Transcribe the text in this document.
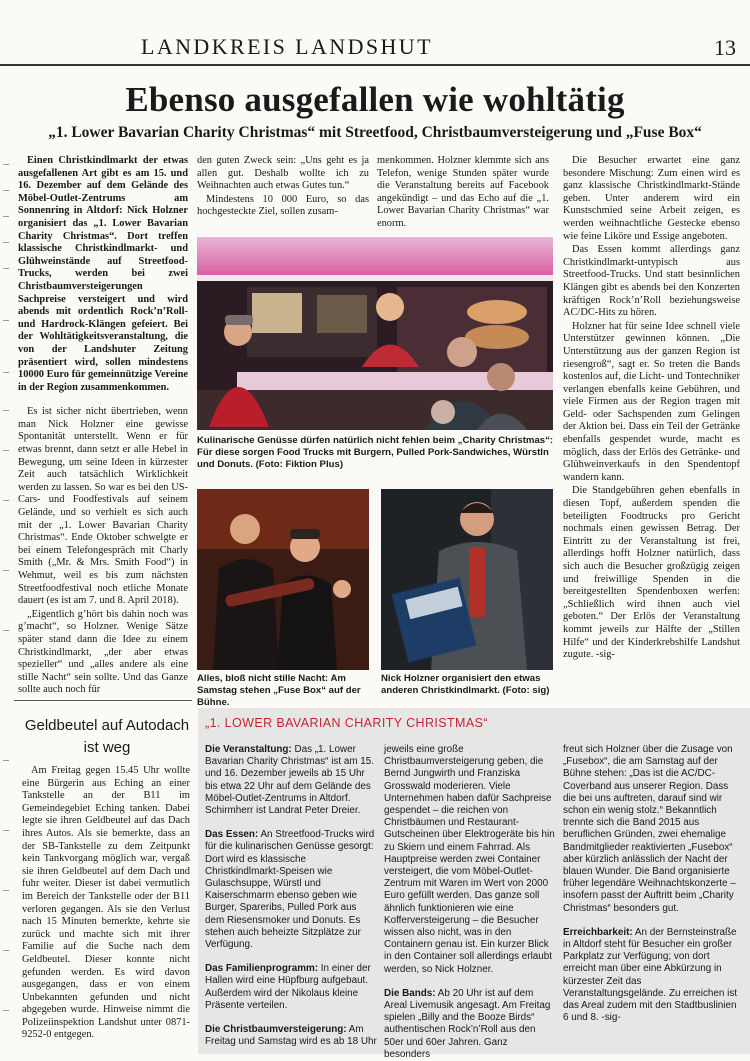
LANDKREIS LANDSHUT	13
Ebenso ausgefallen wie wohltätig
„1. Lower Bavarian Charity Christmas“ mit Streetfood, Christbaumversteigerung und „Fuse Box“

Einen Christkindlmarkt der etwas ausgefallenen Art gibt es am 15. und 16. Dezember auf dem Gelände des Möbel-Outlet-Zentrums am Sonnenring in Altdorf: Nick Holzner organisiert das „1. Lower Bavarian Charity Christmas“. Dort treffen klassische Christkindlmarkt- und Glühweinstände auf Streetfood-Trucks, werden bei zwei Christbaumversteigerungen Sachpreise versteigert und wird abends mit ordentlich Rock’n’Roll- und Hardrock-Klängen gefeiert. Bei der Wohltätigkeitsveranstaltung, die von der Landshuter Zeitung präsentiert wird, sollen mindestens 10000 Euro für gemeinnützige Vereine in der Region zusammenkommen.

Es ist sicher nicht übertrieben, wenn man Nick Holzner eine gewisse Spontanität unterstellt. Wenn er für etwas brennt, dann setzt er alle Hebel in Bewegung, um seine Ideen in kürzester Zeit auch tatsächlich Wirklichkeit werden zu lassen. So war es bei den US-Cars- und Foodfestivals auf seinem Gelände, und so verhielt es sich auch mit der „1. Lower Bavarian Charity Christmas“. Ende Oktober schwelgte er bei einem Telefongespräch mit Charly Smith („Mr. & Mrs. Smith Food“) in Wehmut, weil es bis zum nächsten Streetfoodfestival noch etliche Monate dauert (es ist am 7. und 8. April 2018).

„Eigentlich g’hört bis dahin noch was g’macht“, so Holzner. Wenige Sätze später stand dann die Idee zu einem Christkindlmarkt, „der aber etwas spezieller“ und „alles andere als eine stille Nacht“ sein sollte. Und das Ganze sollte auch noch für

den guten Zweck sein: „Uns geht es ja allen gut. Deshalb wollte ich zu Weihnachten auch etwas Gutes tun.“

Mindestens 10 000 Euro, so das hochgesteckte Ziel, sollen zusam-

menkommen. Holzner klemmte sich ans Telefon, wenige Stunden später wurde die Veranstaltung bereits auf Facebook angekündigt – und das Echo auf die „1. Lower Bavarian Charity Christmas“ war enorm.

Die Besucher erwartet eine ganz besondere Mischung: Zum einen wird es ganz klassische Christkindlmarkt-Stände geben. Unter anderem wird ein Kunstschmied seine Arbeit zeigen, es werden weihnachtliche Gestecke ebenso wie feine Liköre und Essige angeboten.

Das Essen kommt allerdings ganz Christkindlmarkt-untypisch aus Streetfood-Trucks. Und statt besinnlichen Klängen gibt es abends bei den Konzerten kräftigen Rock’n’Roll beziehungsweise AC/DC-Hits zu hören.

Holzner hat für seine Idee schnell viele Unterstützer gewinnen können. „Die Unterstützung aus der ganzen Region ist riesengroß“, sagt er. So treten die Bands kostenlos auf, die Licht- und Tontechniker verlangen ebenfalls keine Gebühren, und viele Firmen aus der Region tragen mit Geld- oder Sachspenden zum Gelingen der Aktion bei. Dass ein Teil der Getränke ebenfalls gespendet wurde, macht es möglich, dass der Erlös des Getränke- und Glühweinverkaufs in den Spendentopf wandern kann.

Die Standgebühren gehen ebenfalls in diesen Topf, außerdem spenden die beteiligten Foodtrucks pro Gericht nochmals einen gewissen Betrag. Der Eintritt zu der Veranstaltung ist frei, allerdings hofft Holzner natürlich, dass sich auch die Besucher großzügig zeigen und freiwillige Spenden in die bereitgestellten Spendenboxen werfen: „Schließlich wird ihnen auch viel geboten.“ Der Erlös der Veranstaltung kommt jeweils zur Hälfte der „Stillen Hilfe“ und der Kinderkrebshilfe Landshut zugute. -sig-

Kulinarische Genüsse dürfen natürlich nicht fehlen beim „Charity Christmas“: Für diese sorgen Food Trucks mit Burgern, Pulled Pork-Sandwiches, Würstln und Donuts. (Foto: Fiktion Plus)
Alles, bloß nicht stille Nacht: Am Samstag stehen „Fuse Box“ auf der Bühne.
Nick Holzner organisiert den etwas anderen Christkindlmarkt. (Foto: sig)
Geldbeutel auf Autodach ist weg

Am Freitag gegen 15.45 Uhr wollte eine Bürgerin aus Eching an einer Tankstelle an der B11 im Gemeindegebiet Eching tanken. Dabei legte sie ihren Geldbeutel auf das Dach ihres Autos. Als sie bemerkte, dass an der SB-Tankstelle zu dem Zeitpunkt kein Tankvorgang möglich war, vergaß sie ihren Geldbeutel auf dem Dach und fuhr weiter. Dieser ist dabei vermutlich im Bereich der Tankstelle oder der B11 verloren gegangen. Als sie den Verlust nach 15 Minuten bemerkte, kehrte sie zurück und machte sich mit ihrer Familie auf die Suche nach dem Geldbeutel. Dieser konnte nicht gefunden werden. Es wird davon ausgegangen, dass er von einem Unbekannten gefunden und nicht abgegeben wurde. Hinweise nimmt die Polizeiinspektion Landshut unter 0871-9252-0 entgegen.

„1. LOWER BAVARIAN CHARITY CHRISTMAS“

Die Veranstaltung: Das „1. Lower Bavarian Charity Christmas“ ist am 15. und 16. Dezember jeweils ab 15 Uhr bis etwa 22 Uhr auf dem Gelände des Möbel-Outlet-Zentrums in Altdorf. Schirmherr ist Landrat Peter Dreier.

Das Essen: An Streetfood-Trucks wird für die kulinarischen Genüsse gesorgt: Dort wird es klassische Christkindlmarkt-Speisen wie Gulaschsuppe, Würstl und Kaiserschmarrn ebenso geben wie Burger, Spareribs, Pulled Pork aus dem Riesensmoker und Donuts. Es stehen auch beheizte Sitzplätze zur Verfügung.

Das Familienprogramm: In einer der Hallen wird eine Hüpfburg aufgebaut. Außerdem wird der Nikolaus kleine Präsente verteilen.

Die Christbaumversteigerung: Am Freitag und Samstag wird es ab 18 Uhr

jeweils eine große Christbaumversteigerung geben, die Bernd Jungwirth und Franziska Grosswald moderieren. Viele Unternehmen haben dafür Sachpreise gespendet – die reichen von Christbäumen und Restaurant-Gutscheinen über Elektrogeräte bis hin zu Skiern und einem Fahrrad. Als Hauptpreise werden zwei Container versteigert, die vom Möbel-Outlet-Zentrum mit Waren im Wert von 2000 Euro gefüllt werden. Das ganze soll ähnlich funktionieren wie eine Kofferversteigerung – die Besucher wissen also nicht, was in den Containern genau ist. Ein kurzer Blick in den Container soll allerdings erlaubt werden, so Nick Holzner.

Die Bands: Ab 20 Uhr ist auf dem Areal Livemusik angesagt. Am Freitag spielen „Billy and the Booze Birds“ authentischen Rock’n’Roll aus den 50er und 60er Jahren. Ganz besonders

freut sich Holzner über die Zusage von „Fusebox“, die am Samstag auf der Bühne stehen: „Das ist die AC/DC-Coverband aus unserer Region. Dass die bei uns auftreten, darauf sind wir schon ein wenig stolz.“ Bekanntlich trennte sich die Band 2015 aus beruflichen Gründen, zwei ehemalige Bandmitglieder reaktivierten „Fusebox“ aber kürzlich anlässlich der Nacht der blauen Wunder. Die Band organisierte früher legendäre Weihnachtskonzerte – insofern passt der Auftritt beim „Charity Christmas“ besonders gut.

Erreichbarkeit: An der Bernsteinstraße in Altdorf steht für Besucher ein großer Parkplatz zur Verfügung; von dort erreicht man über eine Abkürzung in kürzester Zeit das Veranstaltungsgelände. Zu erreichen ist das Areal zudem mit den Stadtbuslinien 6 und 8. -sig-
